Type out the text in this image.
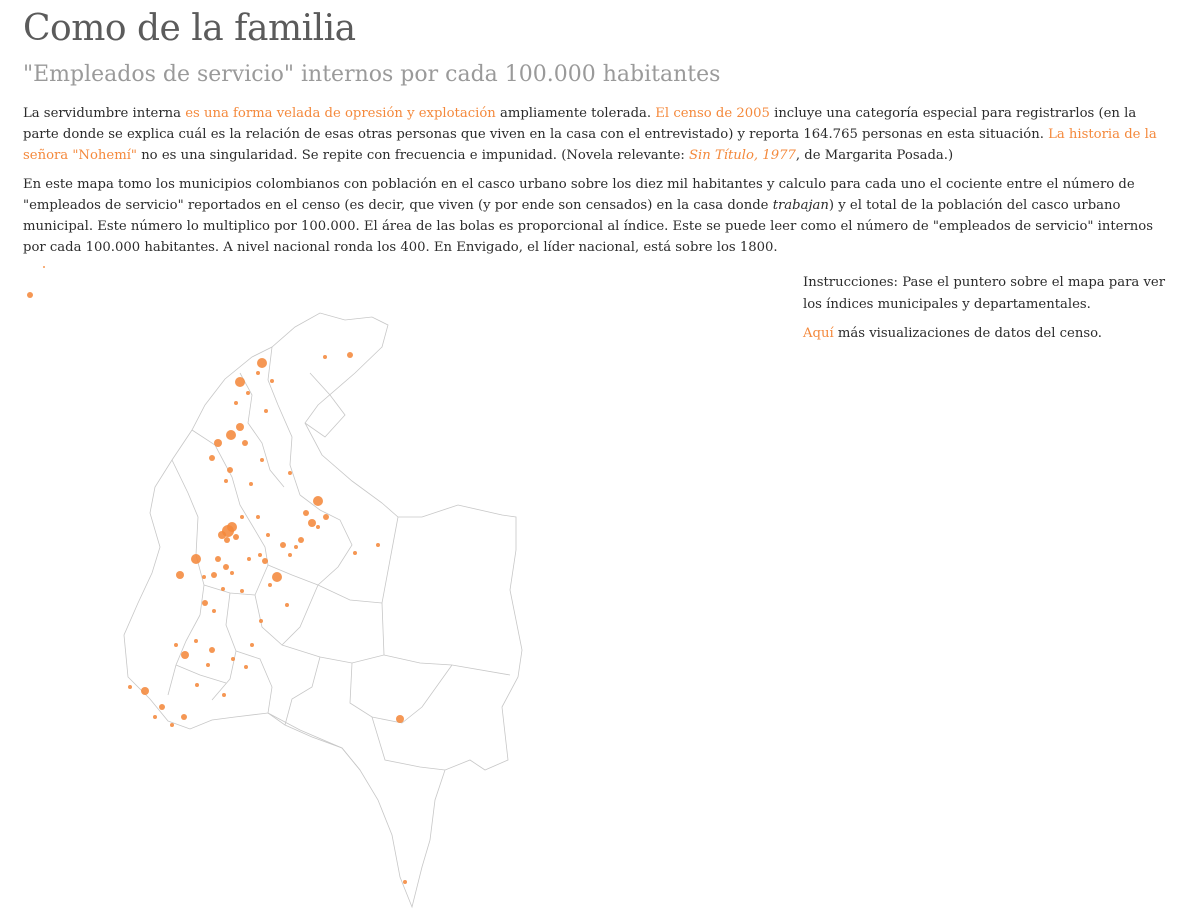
Como de la familia
"Empleados de servicio" internos por cada 100.000 habitantes

La servidumbre interna es una forma velada de opresión y explotación ampliamente tolerada. El censo de 2005 incluye una categoría especial para registrarlos (en la parte donde se explica cuál es la relación de esas otras personas que viven en la casa con el entrevistado) y reporta 164.765 personas en esta situación. La historia de la señora "Nohemí" no es una singularidad. Se repite con frecuencia e impunidad. (Novela relevante: Sin Título, 1977, de Margarita Posada.)

En este mapa tomo los municipios colombianos con población en el casco urbano sobre los diez mil habitantes y calculo para cada uno el cociente entre el número de "empleados de servicio" reportados en el censo (es decir, que viven (y por ende son censados) en la casa donde trabajan) y el total de la población del casco urbano municipal. Este número lo multiplico por 100.000. El área de las bolas es proporcional al índice. Este se puede leer como el número de "empleados de servicio" internos por cada 100.000 habitantes. A nivel nacional ronda los 400. En Envigado, el líder nacional, está sobre los 1800.

Instrucciones: Pase el puntero sobre el mapa para ver los índices municipales y departamentales.

Aquí más visualizaciones de datos del censo.
